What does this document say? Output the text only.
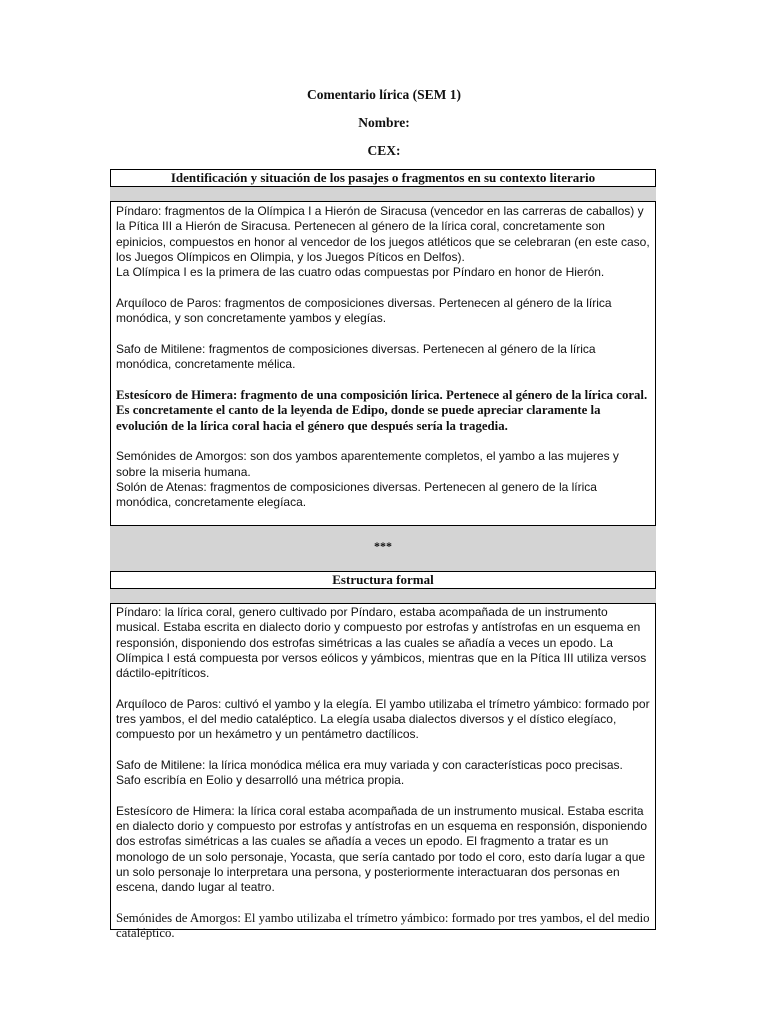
Comentario lírica (SEM 1)
Nombre:
CEX:
Identificación y situación de los pasajes o fragmentos en su contexto literario

Píndaro: fragmentos de la Olímpica I a Hierón de Siracusa (vencedor en las carreras de caballos) y la Pítica III a Hierón de Siracusa. Pertenecen al género de la lírica coral, concretamente son epinicios, compuestos en honor al vencedor de los juegos atléticos que se celebraran (en este caso, los Juegos Olímpicos en Olimpia, y los Juegos Píticos en Delfos).

La Olímpica I es la primera de las cuatro odas compuestas por Píndaro en honor de Hierón.

Arquíloco de Paros: fragmentos de composiciones diversas. Pertenecen al género de la lírica monódica, y son concretamente yambos y elegías.

Safo de Mitilene: fragmentos de composiciones diversas. Pertenecen al género de la lírica monódica, concretamente mélica.

Estesícoro de Himera: fragmento de una composición lírica. Pertenece al género de la lírica coral. Es concretamente el canto de la leyenda de Edipo, donde se puede apreciar claramente la evolución de la lírica coral hacia el género que después sería la tragedia.

Semónides de Amorgos: son dos yambos aparentemente completos, el yambo a las mujeres y sobre la miseria humana.

Solón de Atenas: fragmentos de composiciones diversas. Pertenecen al genero de la lírica monódica, concretamente elegíaca.

***
Estructura formal

Píndaro: la lírica coral, genero cultivado por Píndaro, estaba acompañada de un instrumento musical. Estaba escrita en dialecto dorio y compuesto por estrofas y antístrofas en un esquema en responsión, disponiendo dos estrofas simétricas a las cuales se añadía a veces un epodo. La Olímpica I está compuesta por versos eólicos y yámbicos, mientras que en la Pítica III utiliza versos dáctilo-epitríticos.

Arquíloco de Paros: cultivó el yambo y la elegía. El yambo utilizaba el trímetro yámbico: formado por tres yambos, el del medio cataléptico. La elegía usaba dialectos diversos y el dístico elegíaco, compuesto por un hexámetro y un pentámetro dactílicos.

Safo de Mitilene: la lírica monódica mélica era muy variada y con características poco precisas. Safo escribía en Eolio y desarrolló una métrica propia.

Estesícoro de Himera: la lírica coral estaba acompañada de un instrumento musical. Estaba escrita en dialecto dorio y compuesto por estrofas y antístrofas en un esquema en responsión, disponiendo dos estrofas simétricas a las cuales se añadía a veces un epodo. El fragmento a tratar es un monologo de un solo personaje, Yocasta, que sería cantado por todo el coro, esto daría lugar a que un solo personaje lo interpretara una persona, y posteriormente interactuaran dos personas en escena, dando lugar al teatro.

Semónides de Amorgos: El yambo utilizaba el trímetro yámbico: formado por tres yambos, el del medio cataléptico.
